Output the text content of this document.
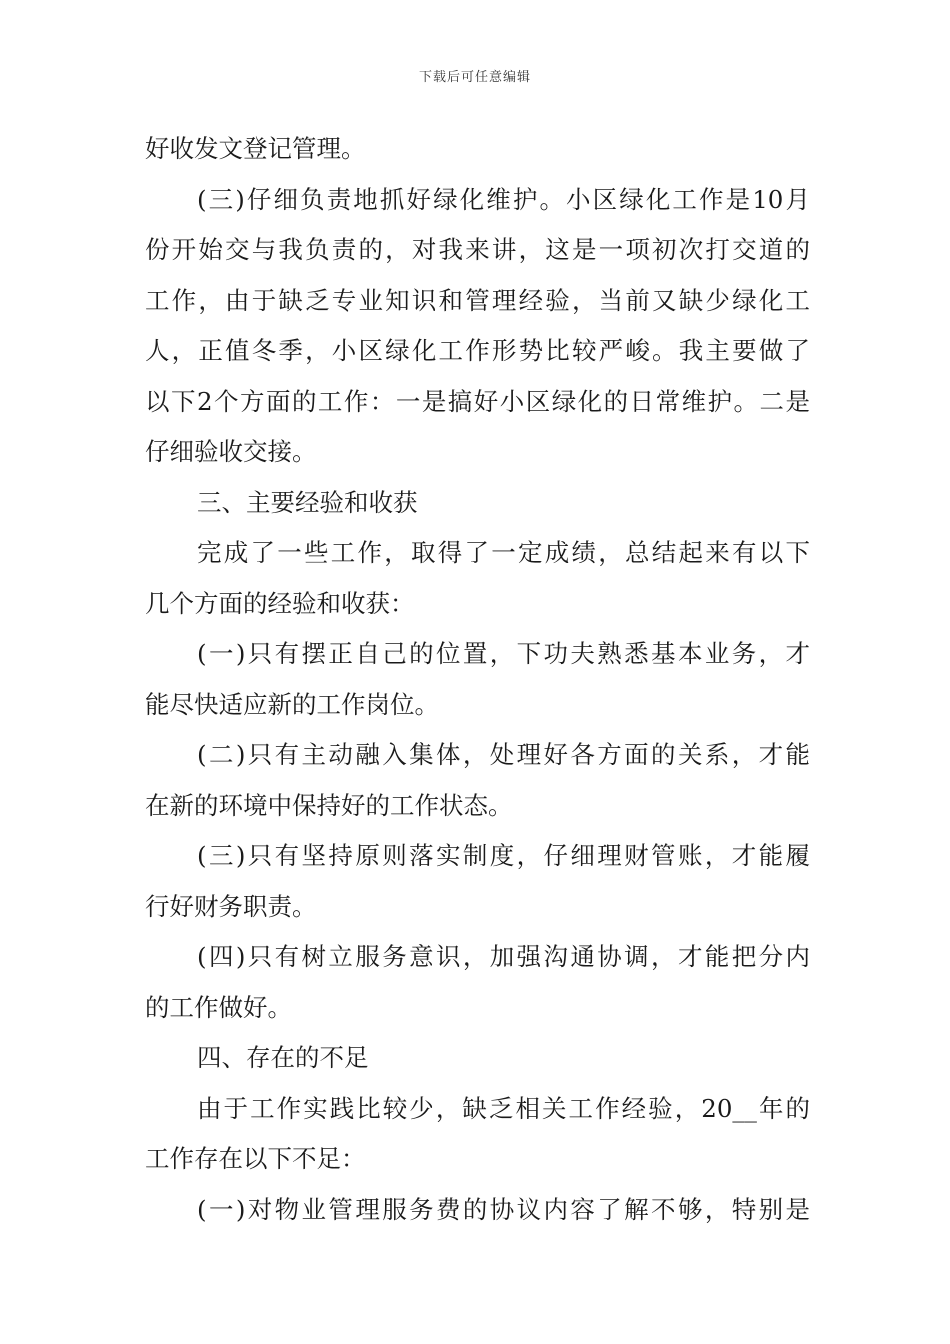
下载后可任意编辑
好收发文登记管理。
(三)仔细负责地抓好绿化维护。小区绿化工作是10月
份开始交与我负责的，对我来讲，这是一项初次打交道的
工作，由于缺乏专业知识和管理经验，当前又缺少绿化工
人，正值冬季，小区绿化工作形势比较严峻。我主要做了
以下2个方面的工作：一是搞好小区绿化的日常维护。二是
仔细验收交接。
三、主要经验和收获
完成了一些工作，取得了一定成绩，总结起来有以下
几个方面的经验和收获：
(一)只有摆正自己的位置，下功夫熟悉基本业务，才
能尽快适应新的工作岗位。
(二)只有主动融入集体，处理好各方面的关系，才能
在新的环境中保持好的工作状态。
(三)只有坚持原则落实制度，仔细理财管账，才能履
行好财务职责。
(四)只有树立服务意识，加强沟通协调，才能把分内
的工作做好。
四、存在的不足
由于工作实践比较少，缺乏相关工作经验，20__年的
工作存在以下不足：
(一)对物业管理服务费的协议内容了解不够，特别是
